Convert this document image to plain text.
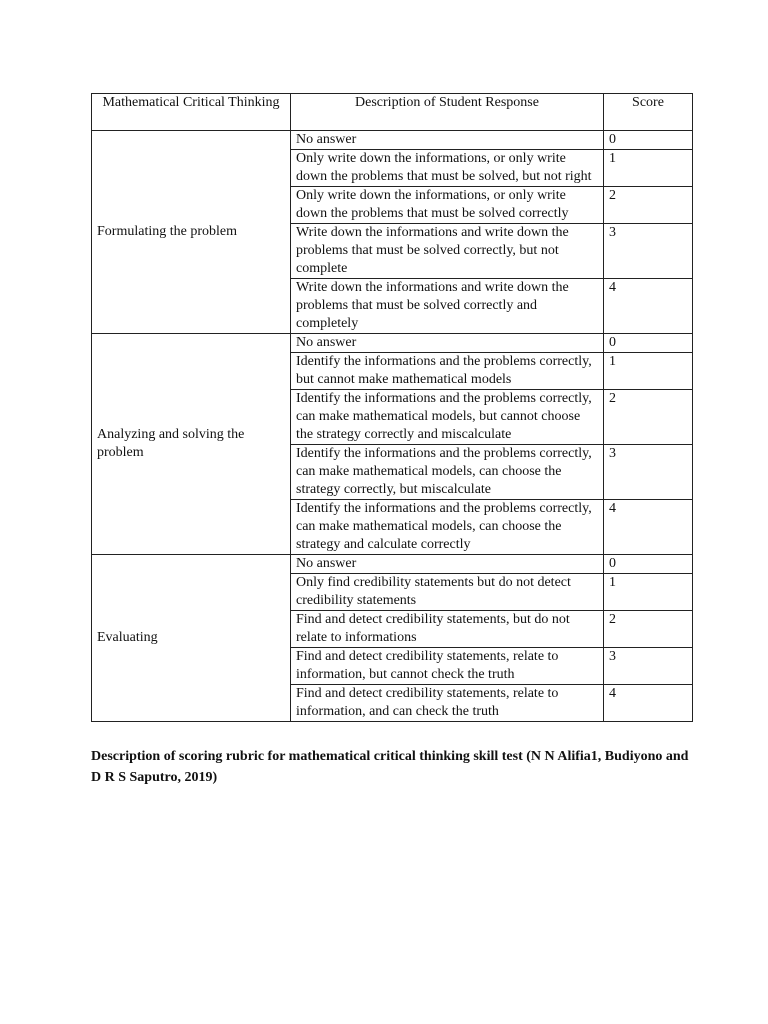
Mathematical Critical Thinking	Description of Student Response	Score
Formulating the problem	No answer	0
	Only write down the informations, or only write down the problems that must be solved, but not right	1
	Only write down the informations, or only write down the problems that must be solved correctly	2
	Write down the informations and write down the problems that must be solved correctly, but not complete	3
	Write down the informations and write down the problems that must be solved correctly and completely	4
Analyzing and solving the problem	No answer	0
	Identify the informations and the problems correctly, but cannot make mathematical models	1
	Identify the informations and the problems correctly, can make mathematical models, but cannot choose the strategy correctly and miscalculate	2
	Identify the informations and the problems correctly, can make mathematical models, can choose the strategy correctly, but miscalculate	3
	Identify the informations and the problems correctly, can make mathematical models, can choose the strategy and calculate correctly	4
Evaluating	No answer	0
	Only find credibility statements but do not detect credibility statements	1
	Find and detect credibility statements, but do not relate to informations	2
	Find and detect credibility statements, relate to information, but cannot check the truth	3
	Find and detect credibility statements, relate to information, and can check the truth	4
Description of scoring rubric for mathematical critical thinking skill test (N N Alifia1, Budiyono and D R S Saputro, 2019)
